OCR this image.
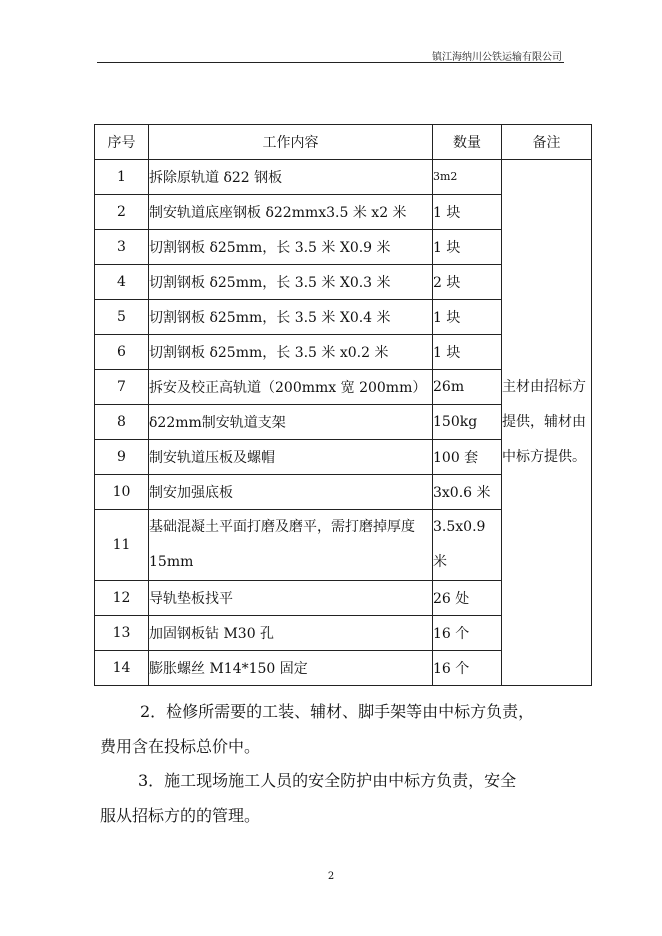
镇江海纳川公铁运输有限公司
序号	工作内容	数量	备注
1	拆除原轨道 δ22 钢板	3m2	主材由招标方提供，辅材由中标方提供。
2	制安轨道底座钢板 δ22mmx3.5 米 x2 米	1 块	
3	切割钢板 δ25mm，长 3.5 米 X0.9 米	1 块	
4	切割钢板 δ25mm，长 3.5 米 X0.3 米	2 块	
5	切割钢板 δ25mm，长 3.5 米 X0.4 米	1 块	
6	切割钢板 δ25mm，长 3.5 米 x0.2 米	1 块	
7	拆安及校正高轨道（200mmx 宽 200mm）	26m	
8	δ22mm制安轨道支架	150kg	
9	制安轨道压板及螺帽	100 套	
10	制安加强底板	3x0.6 米	
11	基础混凝土平面打磨及磨平，需打磨掉厚度 15mm	3.5x0.9 米	
12	导轨垫板找平	26 处	
13	加固钢板钻 M30 孔	16 个	
14	膨胀螺丝 M14*150 固定	16 个	
2．检修所需要的工装、辅材、脚手架等由中标方负责，
费用含在投标总价中。
3．施工现场施工人员的安全防护由中标方负责，安全
服从招标方的的管理。
2
